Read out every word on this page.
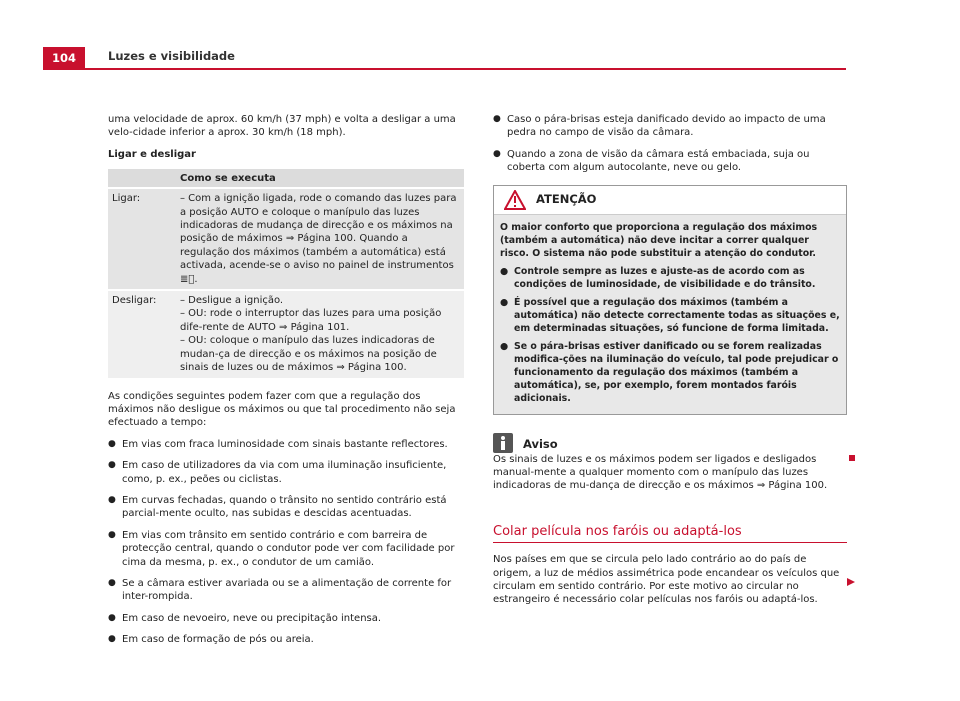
104	Luzes e visibilidade

uma velocidade de aprox. 60 km/h (37 mph) e volta a desligar a uma velo-cidade inferior a aprox. 30 km/h (18 mph).

Ligar e desligar

	Como se executa
Ligar:	– Com a ignição ligada, rode o comando das luzes para a posição AUTO e coloque o manípulo das luzes indicadoras de mudança de direcção e os máximos na posição de máximos ⇒ Página 100. Quando a regulação dos máximos (também a automática) está activada, acende-se o aviso no painel de instrumentos ≣⃝.

Desligar:	– Desligue a ignição.
– OU: rode o interruptor das luzes para uma posição dife-rente de AUTO ⇒ Página 101.
– OU: coloque o manípulo das luzes indicadoras de mudan-ça de direcção e os máximos na posição de sinais de luzes ou de máximos ⇒ Página 100.

As condições seguintes podem fazer com que a regulação dos máximos não desligue os máximos ou que tal procedimento não seja efectuado a tempo:

● Em vias com fraca luminosidade com sinais bastante reflectores.
● Em caso de utilizadores da via com uma iluminação insuficiente, como, p. ex., peões ou ciclistas.
● Em curvas fechadas, quando o trânsito no sentido contrário está parcial-mente oculto, nas subidas e descidas acentuadas.
● Em vias com trânsito em sentido contrário e com barreira de protecção central, quando o condutor pode ver com facilidade por cima da mesma, p. ex., o condutor de um camião.
● Se a câmara estiver avariada ou se a alimentação de corrente for inter-rompida.
● Em caso de nevoeiro, neve ou precipitação intensa.
● Em caso de formação de pós ou areia.
● Caso o pára-brisas esteja danificado devido ao impacto de uma pedra no campo de visão da câmara.
● Quando a zona de visão da câmara está embaciada, suja ou coberta com algum autocolante, neve ou gelo.
ATENÇÃO

O maior conforto que proporciona a regulação dos máximos (também a automática) não deve incitar a correr qualquer risco. O sistema não pode substituir a atenção do condutor.

● Controle sempre as luzes e ajuste-as de acordo com as condições de luminosidade, de visibilidade e do trânsito.
● É possível que a regulação dos máximos (também a automática) não detecte correctamente todas as situações e, em determinadas situações, só funcione de forma limitada.
● Se o pára-brisas estiver danificado ou se forem realizadas modifica-ções na iluminação do veículo, tal pode prejudicar o funcionamento da regulação dos máximos (também a automática), se, por exemplo, forem montados faróis adicionais.
Aviso

Os sinais de luzes e os máximos podem ser ligados e desligados manual-mente a qualquer momento com o manípulo das luzes indicadoras de mu-dança de direcção e os máximos ⇒ Página 100.

Colar película nos faróis ou adaptá-los

Nos países em que se circula pelo lado contrário ao do país de origem, a luz de médios assimétrica pode encandear os veículos que circulam em sentido contrário. Por este motivo ao circular no estrangeiro é necessário colar películas nos faróis ou adaptá-los.
